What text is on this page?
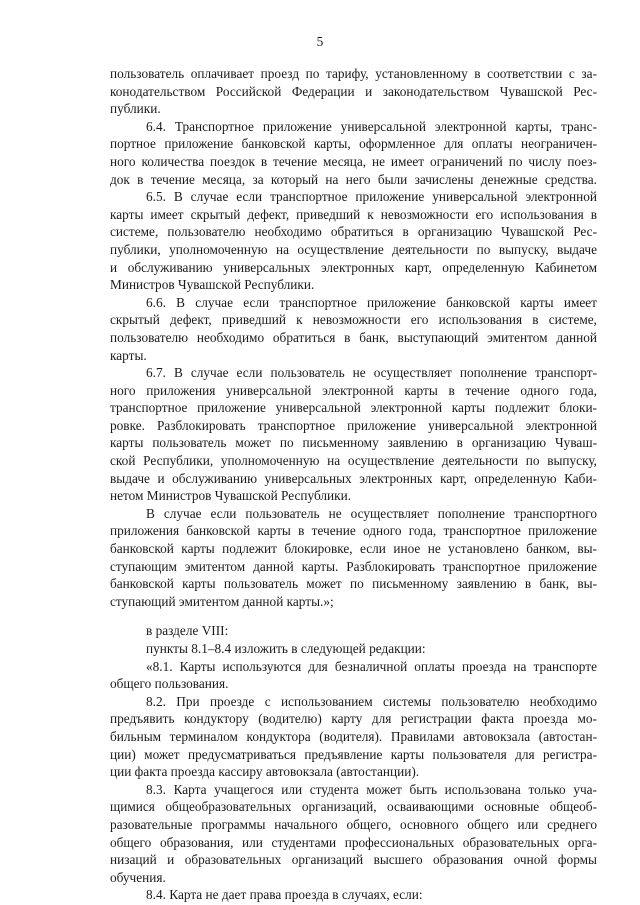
5
пользователь оплачивает проезд по тарифу, установленному в соответствии с за-
конодательством Российской Федерации и законодательством Чувашской Рес-
публики.
6.4. Транспортное приложение универсальной электронной карты, транс-
портное приложение банковской карты, оформленное для оплаты неограничен-
ного количества поездок в течение месяца, не имеет ограничений по числу поез-
док в течение месяца, за который на него были зачислены денежные средства.
6.5. В случае если транспортное приложение универсальной электронной
карты имеет скрытый дефект, приведший к невозможности его использования в
системе, пользователю необходимо обратиться в организацию Чувашской Рес-
публики, уполномоченную на осуществление деятельности по выпуску, выдаче
и обслуживанию универсальных электронных карт, определенную Кабинетом
Министров Чувашской Республики.
6.6. В случае если транспортное приложение банковской карты имеет
скрытый дефект, приведший к невозможности его использования в системе,
пользователю необходимо обратиться в банк, выступающий эмитентом данной
карты.
6.7. В случае если пользователь не осуществляет пополнение транспорт-
ного приложения универсальной электронной карты в течение одного года,
транспортное приложение универсальной электронной карты подлежит блоки-
ровке. Разблокировать транспортное приложение универсальной электронной
карты пользователь может по письменному заявлению в организацию Чуваш-
ской Республики, уполномоченную на осуществление деятельности по выпуску,
выдаче и обслуживанию универсальных электронных карт, определенную Каби-
нетом Министров Чувашской Республики.
В случае если пользователь не осуществляет пополнение транспортного
приложения банковской карты в течение одного года, транспортное приложение
банковской карты подлежит блокировке, если иное не установлено банком, вы-
ступающим эмитентом данной карты. Разблокировать транспортное приложение
банковской карты пользователь может по письменному заявлению в банк, вы-
ступающий эмитентом данной карты.»;
в разделе VIII:
пункты 8.1–8.4 изложить в следующей редакции:
«8.1. Карты используются для безналичной оплаты проезда на транспорте
общего пользования.
8.2. При проезде с использованием системы пользователю необходимо
предъявить кондуктору (водителю) карту для регистрации факта проезда мо-
бильным терминалом кондуктора (водителя). Правилами автовокзала (автостан-
ции) может предусматриваться предъявление карты пользователя для регистра-
ции факта проезда кассиру автовокзала (автостанции).
8.3. Карта учащегося или студента может быть использована только уча-
щимися общеобразовательных организаций, осваивающими основные общеоб-
разовательные программы начального общего, основного общего или среднего
общего образования, или студентами профессиональных образовательных орга-
низаций и образовательных организаций высшего образования очной формы
обучения.
8.4. Карта не дает права проезда в случаях, если:
